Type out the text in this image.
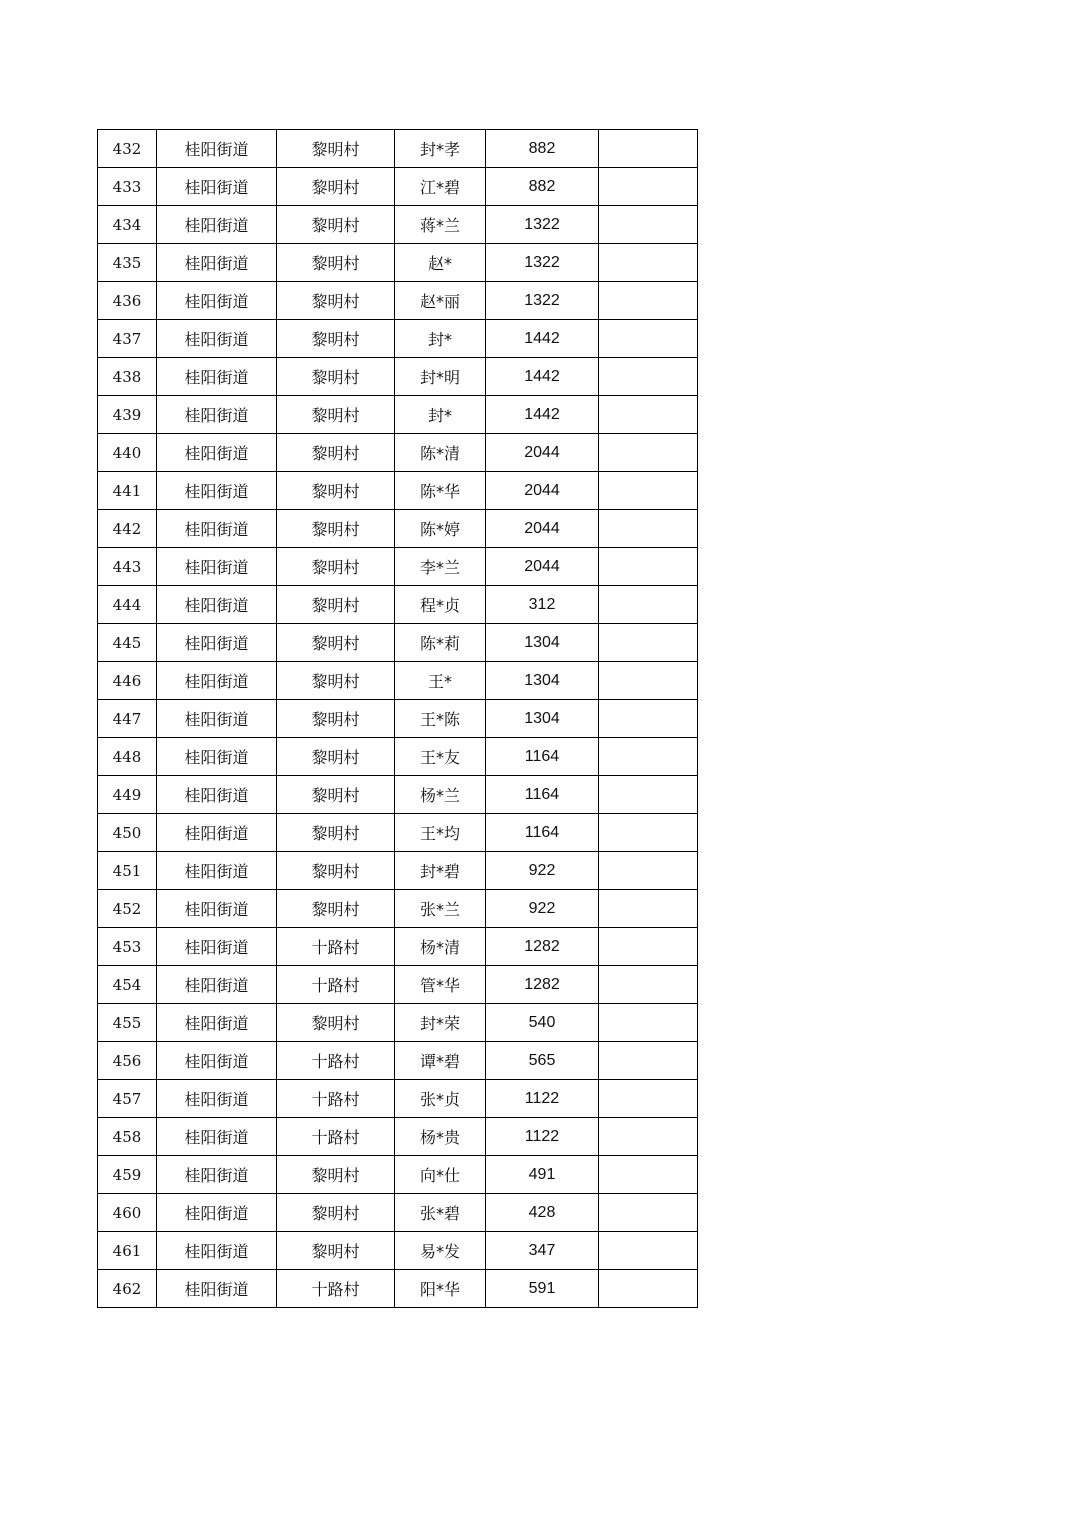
432	桂阳街道	黎明村	封*孝	882	
433	桂阳街道	黎明村	江*碧	882	
434	桂阳街道	黎明村	蒋*兰	1322	
435	桂阳街道	黎明村	赵*	1322	
436	桂阳街道	黎明村	赵*丽	1322	
437	桂阳街道	黎明村	封*	1442	
438	桂阳街道	黎明村	封*明	1442	
439	桂阳街道	黎明村	封*	1442	
440	桂阳街道	黎明村	陈*清	2044	
441	桂阳街道	黎明村	陈*华	2044	
442	桂阳街道	黎明村	陈*婷	2044	
443	桂阳街道	黎明村	李*兰	2044	
444	桂阳街道	黎明村	程*贞	312	
445	桂阳街道	黎明村	陈*莉	1304	
446	桂阳街道	黎明村	王*	1304	
447	桂阳街道	黎明村	王*陈	1304	
448	桂阳街道	黎明村	王*友	1164	
449	桂阳街道	黎明村	杨*兰	1164	
450	桂阳街道	黎明村	王*均	1164	
451	桂阳街道	黎明村	封*碧	922	
452	桂阳街道	黎明村	张*兰	922	
453	桂阳街道	十路村	杨*清	1282	
454	桂阳街道	十路村	管*华	1282	
455	桂阳街道	黎明村	封*荣	540	
456	桂阳街道	十路村	谭*碧	565	
457	桂阳街道	十路村	张*贞	1122	
458	桂阳街道	十路村	杨*贵	1122	
459	桂阳街道	黎明村	向*仕	491	
460	桂阳街道	黎明村	张*碧	428	
461	桂阳街道	黎明村	易*发	347	
462	桂阳街道	十路村	阳*华	591	
